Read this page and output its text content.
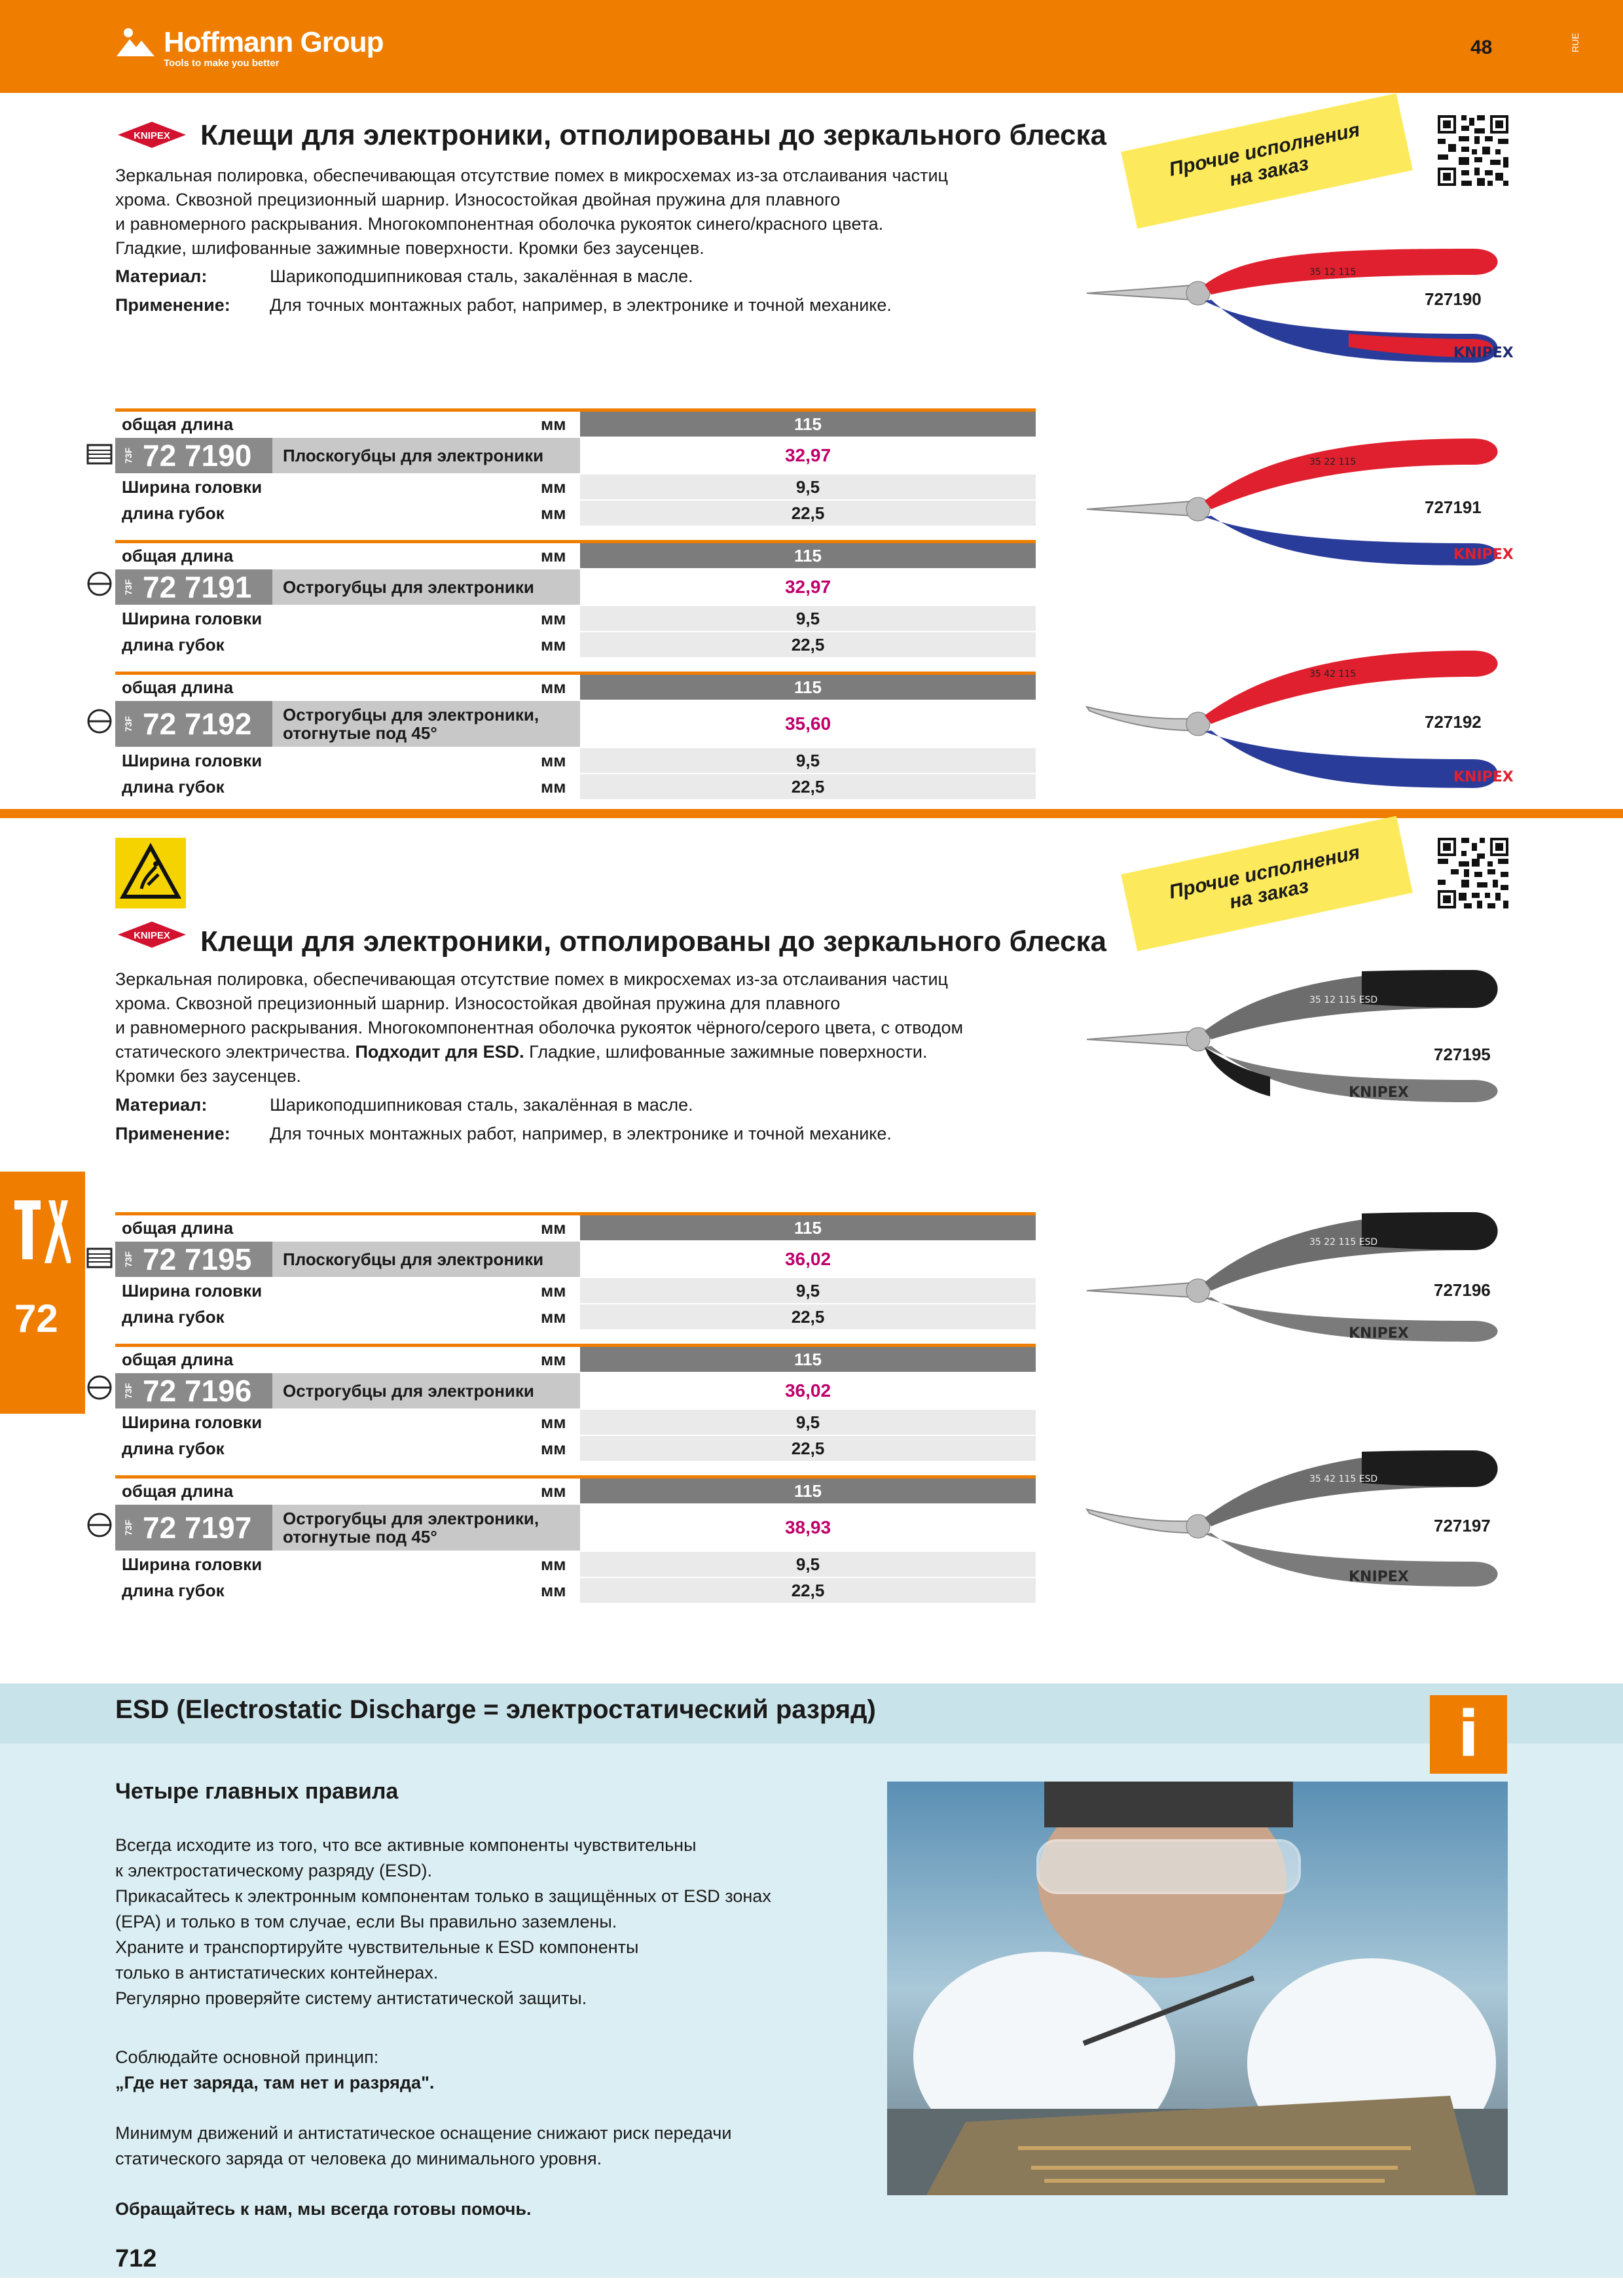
Hoffmann Group
Tools to make you better
48	RUE
KNIPEX Клещи для электроники, отполированы до зеркального блеска
Зеркальная полировка, обеспечивающая отсутствие помех в микросхемах из-за отслаивания частиц
хрома. Сквозной прецизионный шарнир. Износостойкая двойная пружина для плавного
и равномерного раскрывания. Многокомпонентная оболочка рукояток синего/красного цвета.
Гладкие, шлифованные зажимные поверхности. Кромки без заусенцев.
Материал:	Шарикоподшипниковая сталь, закалённая в масле.
Применение: Для точных монтажных работ, например, в электронике и точной механике.
Прочие исполнения на заказ
35 12 115
KNIPEX
727190
35 22 115
KNIPEX
727191
35 42 115
KNIPEX
727192
общая длина	мм	115
73F 72 7190	Плоскогубцы для электроники	32,97
Ширина головки	мм	9,5
длина губок	мм	22,5
общая длина	мм	115
73F 72 7191	Острогубцы для электроники	32,97
Ширина головки	мм	9,5
длина губок	мм	22,5
общая длина	мм	115
73F 72 7192 Острогубцы для электроники,
отогнутые под 45°	35,60
Ширина головки	мм	9,5
длина губок	мм	22,5
KNIPEX Клещи для электроники, отполированы до зеркального блеска
Зеркальная полировка, обеспечивающая отсутствие помех в микросхемах из-за отслаивания частиц
хрома. Сквозной прецизионный шарнир. Износостойкая двойная пружина для плавного
и равномерного раскрывания. Многокомпонентная оболочка рукояток чёрного/серого цвета, с отводом
статического электричества. Подходит для ESD. Гладкие, шлифованные зажимные поверхности.
Кромки без заусенцев.
Материал:	Шарикоподшипниковая сталь, закалённая в масле.
Применение: Для точных монтажных работ, например, в электронике и точной механике.
Прочие исполнения на заказ
35 12 115 ESD
KNIPEX
727195
35 22 115 ESD
KNIPEX
727196
35 42 115 ESD
KNIPEX
727197
общая длина	мм	115
73F 72 7195	Плоскогубцы для электроники	36,02
Ширина головки	мм	9,5
длина губок	мм	22,5
общая длина	мм	115
73F 72 7196	Острогубцы для электроники	36,02
Ширина головки	мм	9,5
длина губок	мм	22,5
общая длина	мм	115
73F 72 7197 Острогубцы для электроники,
отогнутые под 45°	38,93
Ширина головки	мм	9,5
длина губок	мм	22,5
72
ESD (Electrostatic Discharge = электростатический разряд)	i
Четыре главных правила
Всегда исходите из того, что все активные компоненты чувствительны
к электростатическому разряду (ESD).
Прикасайтесь к электронным компонентам только в защищённых от ESD зонах
(EPA) и только в том случае, если Вы правильно заземлены.
Храните и транспортируйте чувствительные к ESD компоненты
только в антистатических контейнерах.
Регулярно проверяйте систему антистатической защиты.
Соблюдайте основной принцип:
„Где нет заряда, там нет и разряда".
Минимум движений и антистатическое оснащение снижают риск передачи
статического заряда от человека до минимального уровня.
Обращайтесь к нам, мы всегда готовы помочь.
712
